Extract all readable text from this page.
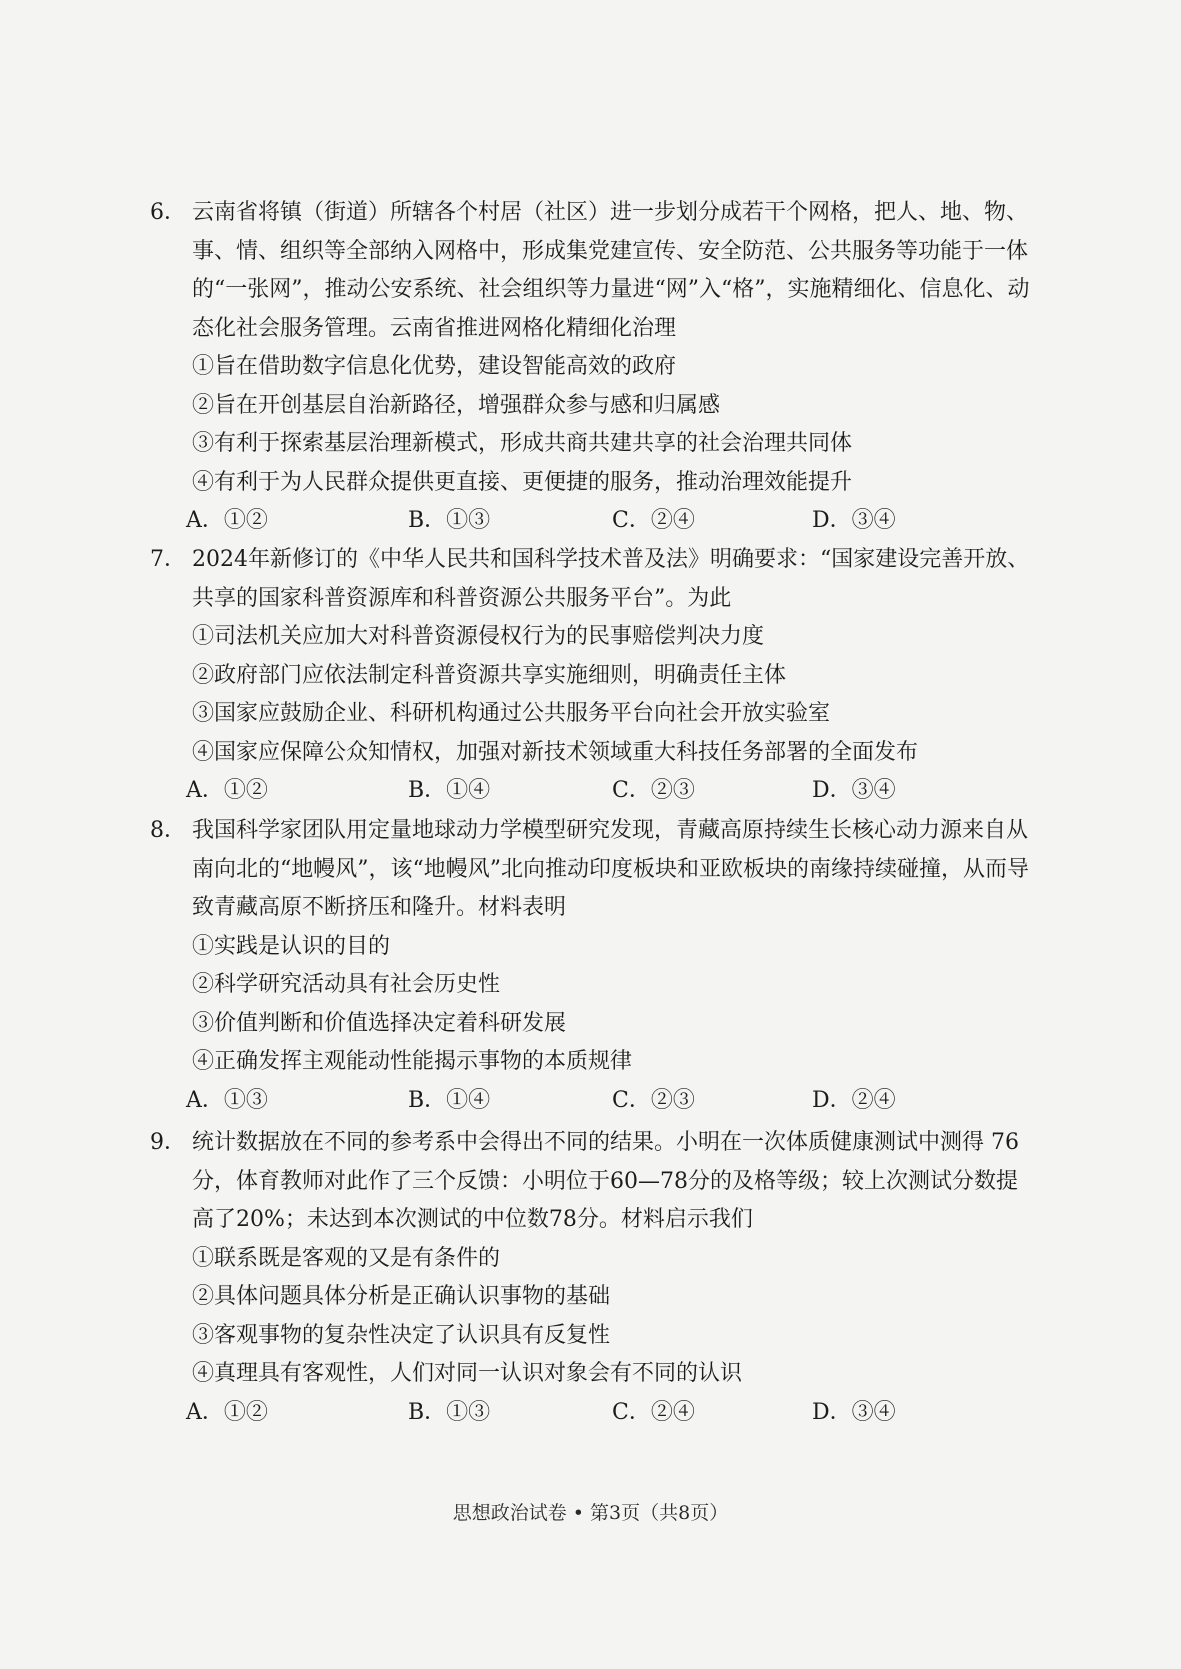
6． 云南省将镇（街道）所辖各个村居（社区）进一步划分成若干个网格，把人、地、物、事、情、组织等全部纳入网格中，形成集党建宣传、安全防范、公共服务等功能于一体的“一张网”，推动公安系统、社会组织等力量进“网”入“格”，实施精细化、信息化、动态化社会服务管理。云南省推进网格化精细化治理
①旨在借助数字信息化优势，建设智能高效的政府
②旨在开创基层自治新路径，增强群众参与感和归属感
③有利于探索基层治理新模式，形成共商共建共享的社会治理共同体
④有利于为人民群众提供更直接、更便捷的服务，推动治理效能提升
A．①②	B．①③	C．②④	D．③④
7． 2024年新修订的《中华人民共和国科学技术普及法》明确要求：“国家建设完善开放、共享的国家科普资源库和科普资源公共服务平台”。为此
①司法机关应加大对科普资源侵权行为的民事赔偿判决力度
②政府部门应依法制定科普资源共享实施细则，明确责任主体
③国家应鼓励企业、科研机构通过公共服务平台向社会开放实验室
④国家应保障公众知情权，加强对新技术领域重大科技任务部署的全面发布
A．①②	B．①④	C．②③	D．③④
8． 我国科学家团队用定量地球动力学模型研究发现，青藏高原持续生长核心动力源来自从南向北的“地幔风”，该“地幔风”北向推动印度板块和亚欧板块的南缘持续碰撞，从而导致青藏高原不断挤压和隆升。材料表明
①实践是认识的目的
②科学研究活动具有社会历史性
③价值判断和价值选择决定着科研发展
④正确发挥主观能动性能揭示事物的本质规律
A．①③	B．①④	C．②③	D．②④
9． 统计数据放在不同的参考系中会得出不同的结果。小明在一次体质健康测试中测得 76分，体育教师对此作了三个反馈：小明位于60—78分的及格等级；较上次测试分数提高了20%；未达到本次测试的中位数78分。材料启示我们
①联系既是客观的又是有条件的
②具体问题具体分析是正确认识事物的基础
③客观事物的复杂性决定了认识具有反复性
④真理具有客观性，人们对同一认识对象会有不同的认识
A．①②	B．①③	C．②④	D．③④
思想政治试卷 • 第3页（共8页）
